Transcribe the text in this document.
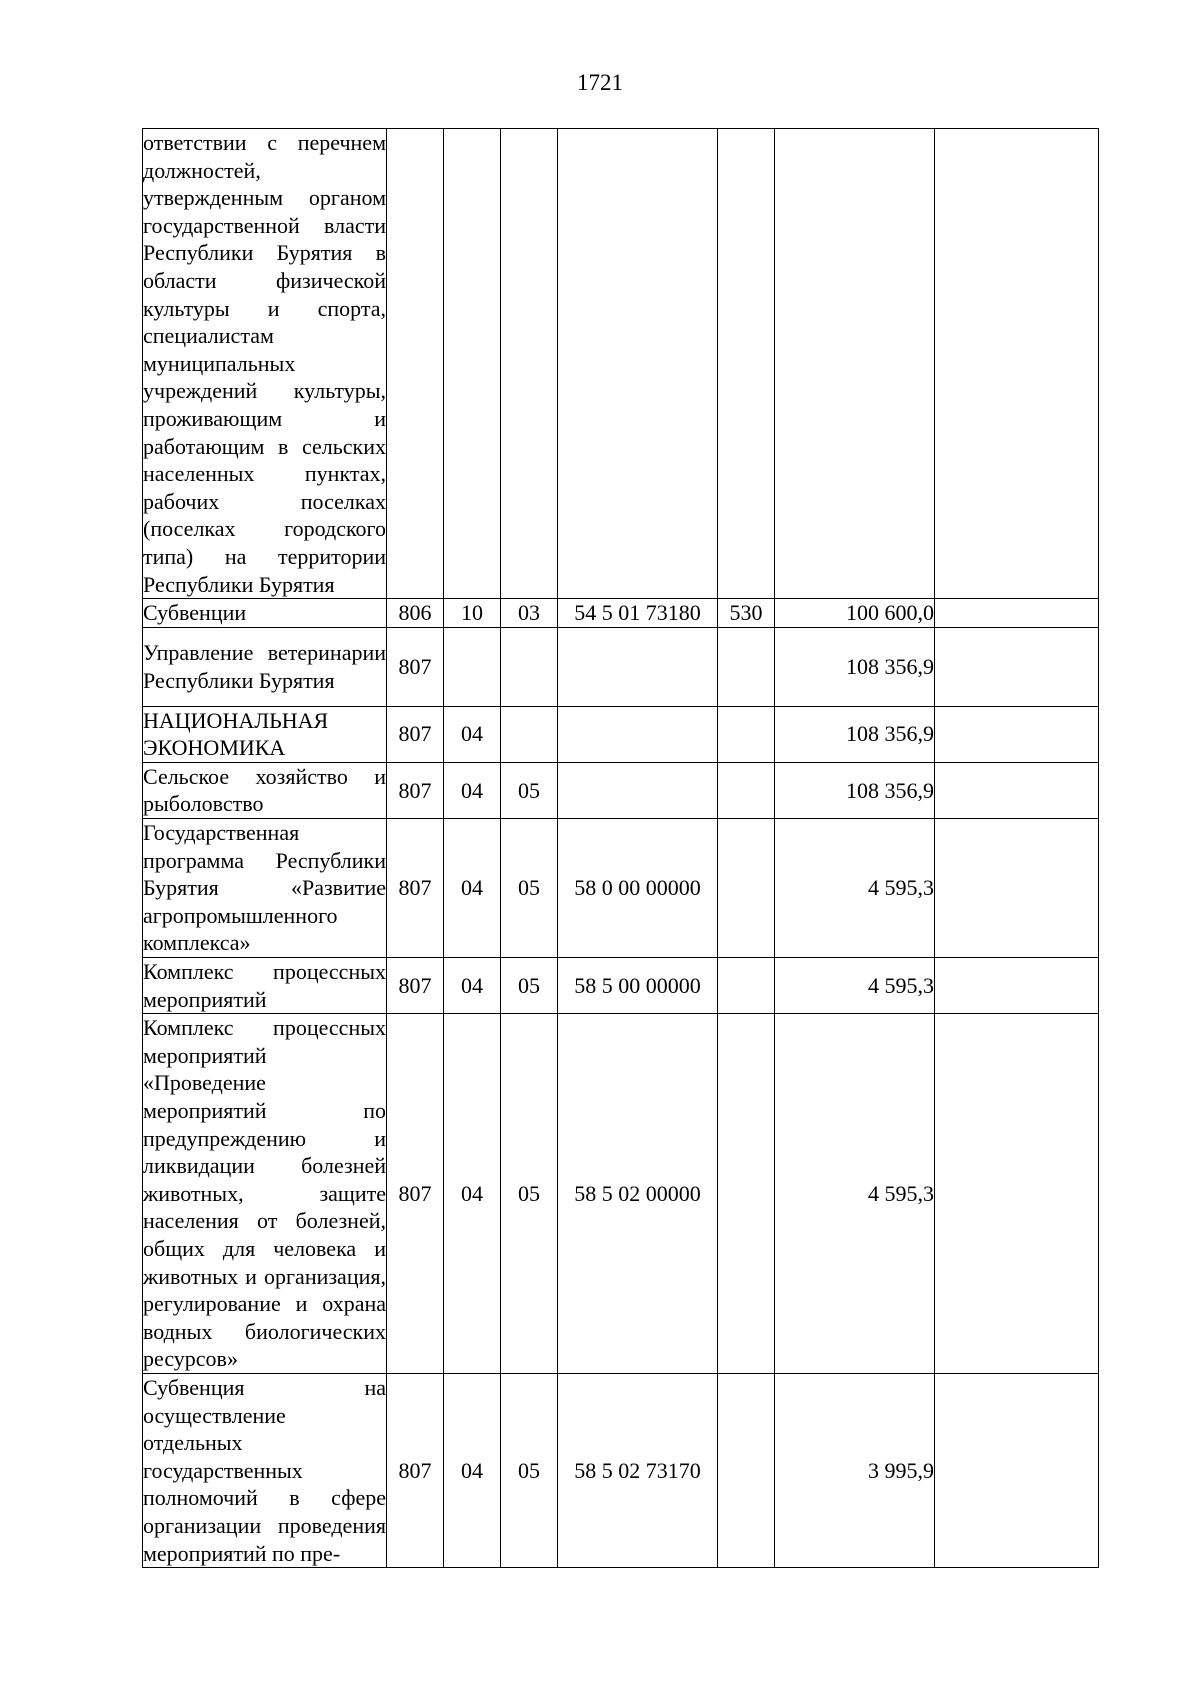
1721
ответствии с перечнем должностей, утвержденным органом государственной власти Республики Бурятия в области физической культуры и спорта, специалистам муниципальных учреждений культуры, проживающим и работающим в сельских населенных пунктах, рабочих поселках (поселках городского типа) на территории Республики Бурятия							

Субвенции	806	10	03	54 5 01 73180	530	100 600,0	

Управление ветеринарии Республики Бурятия	807					108 356,9	

НАЦИОНАЛЬНАЯ ЭКОНОМИКА	807	04				108 356,9	

Сельское хозяйство и рыболовство	807	04	05			108 356,9	

Государственная программа Республики Бурятия «Развитие агропромышленного комплекса»	807	04	05	58 0 00 00000		4 595,3	

Комплекс процессных мероприятий	807	04	05	58 5 00 00000		4 595,3	

Комплекс процессных мероприятий «Проведение мероприятий по предупреждению и ликвидации болезней животных, защите населения от болезней, общих для человека и животных и организация, регулирование и охрана водных биологических ресурсов»	807	04	05	58 5 02 00000		4 595,3	

Субвенция на осуществление отдельных государственных полномочий в сфере организации проведения мероприятий по пре-	807	04	05	58 5 02 73170		3 995,9	
